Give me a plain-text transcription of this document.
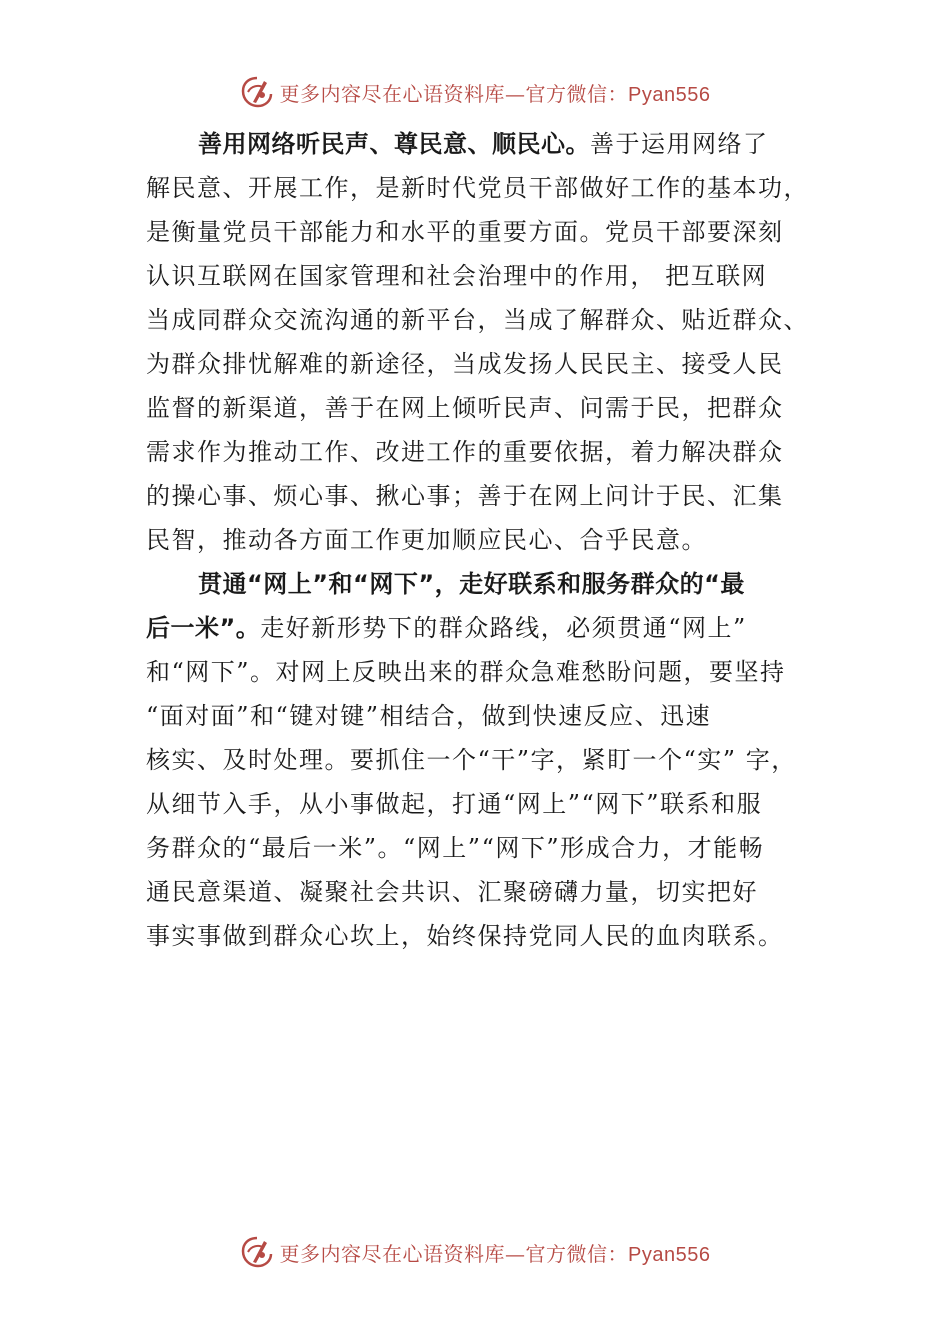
更多内容尽在心语资料库—官方微信：Pyan556
善用网络听民声、尊民意、顺民心。善于运用网络了
解民意、开展工作，是新时代党员干部做好工作的基本功，
是衡量党员干部能力和水平的重要方面。党员干部要深刻
认识互联网在国家管理和社会治理中的作用， 把互联网
当成同群众交流沟通的新平台，当成了解群众、贴近群众、
为群众排忧解难的新途径，当成发扬人民民主、接受人民
监督的新渠道，善于在网上倾听民声、问需于民，把群众
需求作为推动工作、改进工作的重要依据，着力解决群众
的操心事、烦心事、揪心事；善于在网上问计于民、汇集
民智，推动各方面工作更加顺应民心、合乎民意。
贯通“网上”和“网下”，走好联系和服务群众的“最
后一米”。走好新形势下的群众路线，必须贯通“网上”
和“网下”。对网上反映出来的群众急难愁盼问题，要坚持
“面对面”和“键对键”相结合，做到快速反应、迅速
核实、及时处理。要抓住一个“干”字，紧盯一个“实” 字，
从细节入手，从小事做起，打通“网上”“网下”联系和服
务群众的“最后一米”。“网上”“网下”形成合力，才能畅
通民意渠道、凝聚社会共识、汇聚磅礴力量，切实把好
事实事做到群众心坎上，始终保持党同人民的血肉联系。
更多内容尽在心语资料库—官方微信：Pyan556
